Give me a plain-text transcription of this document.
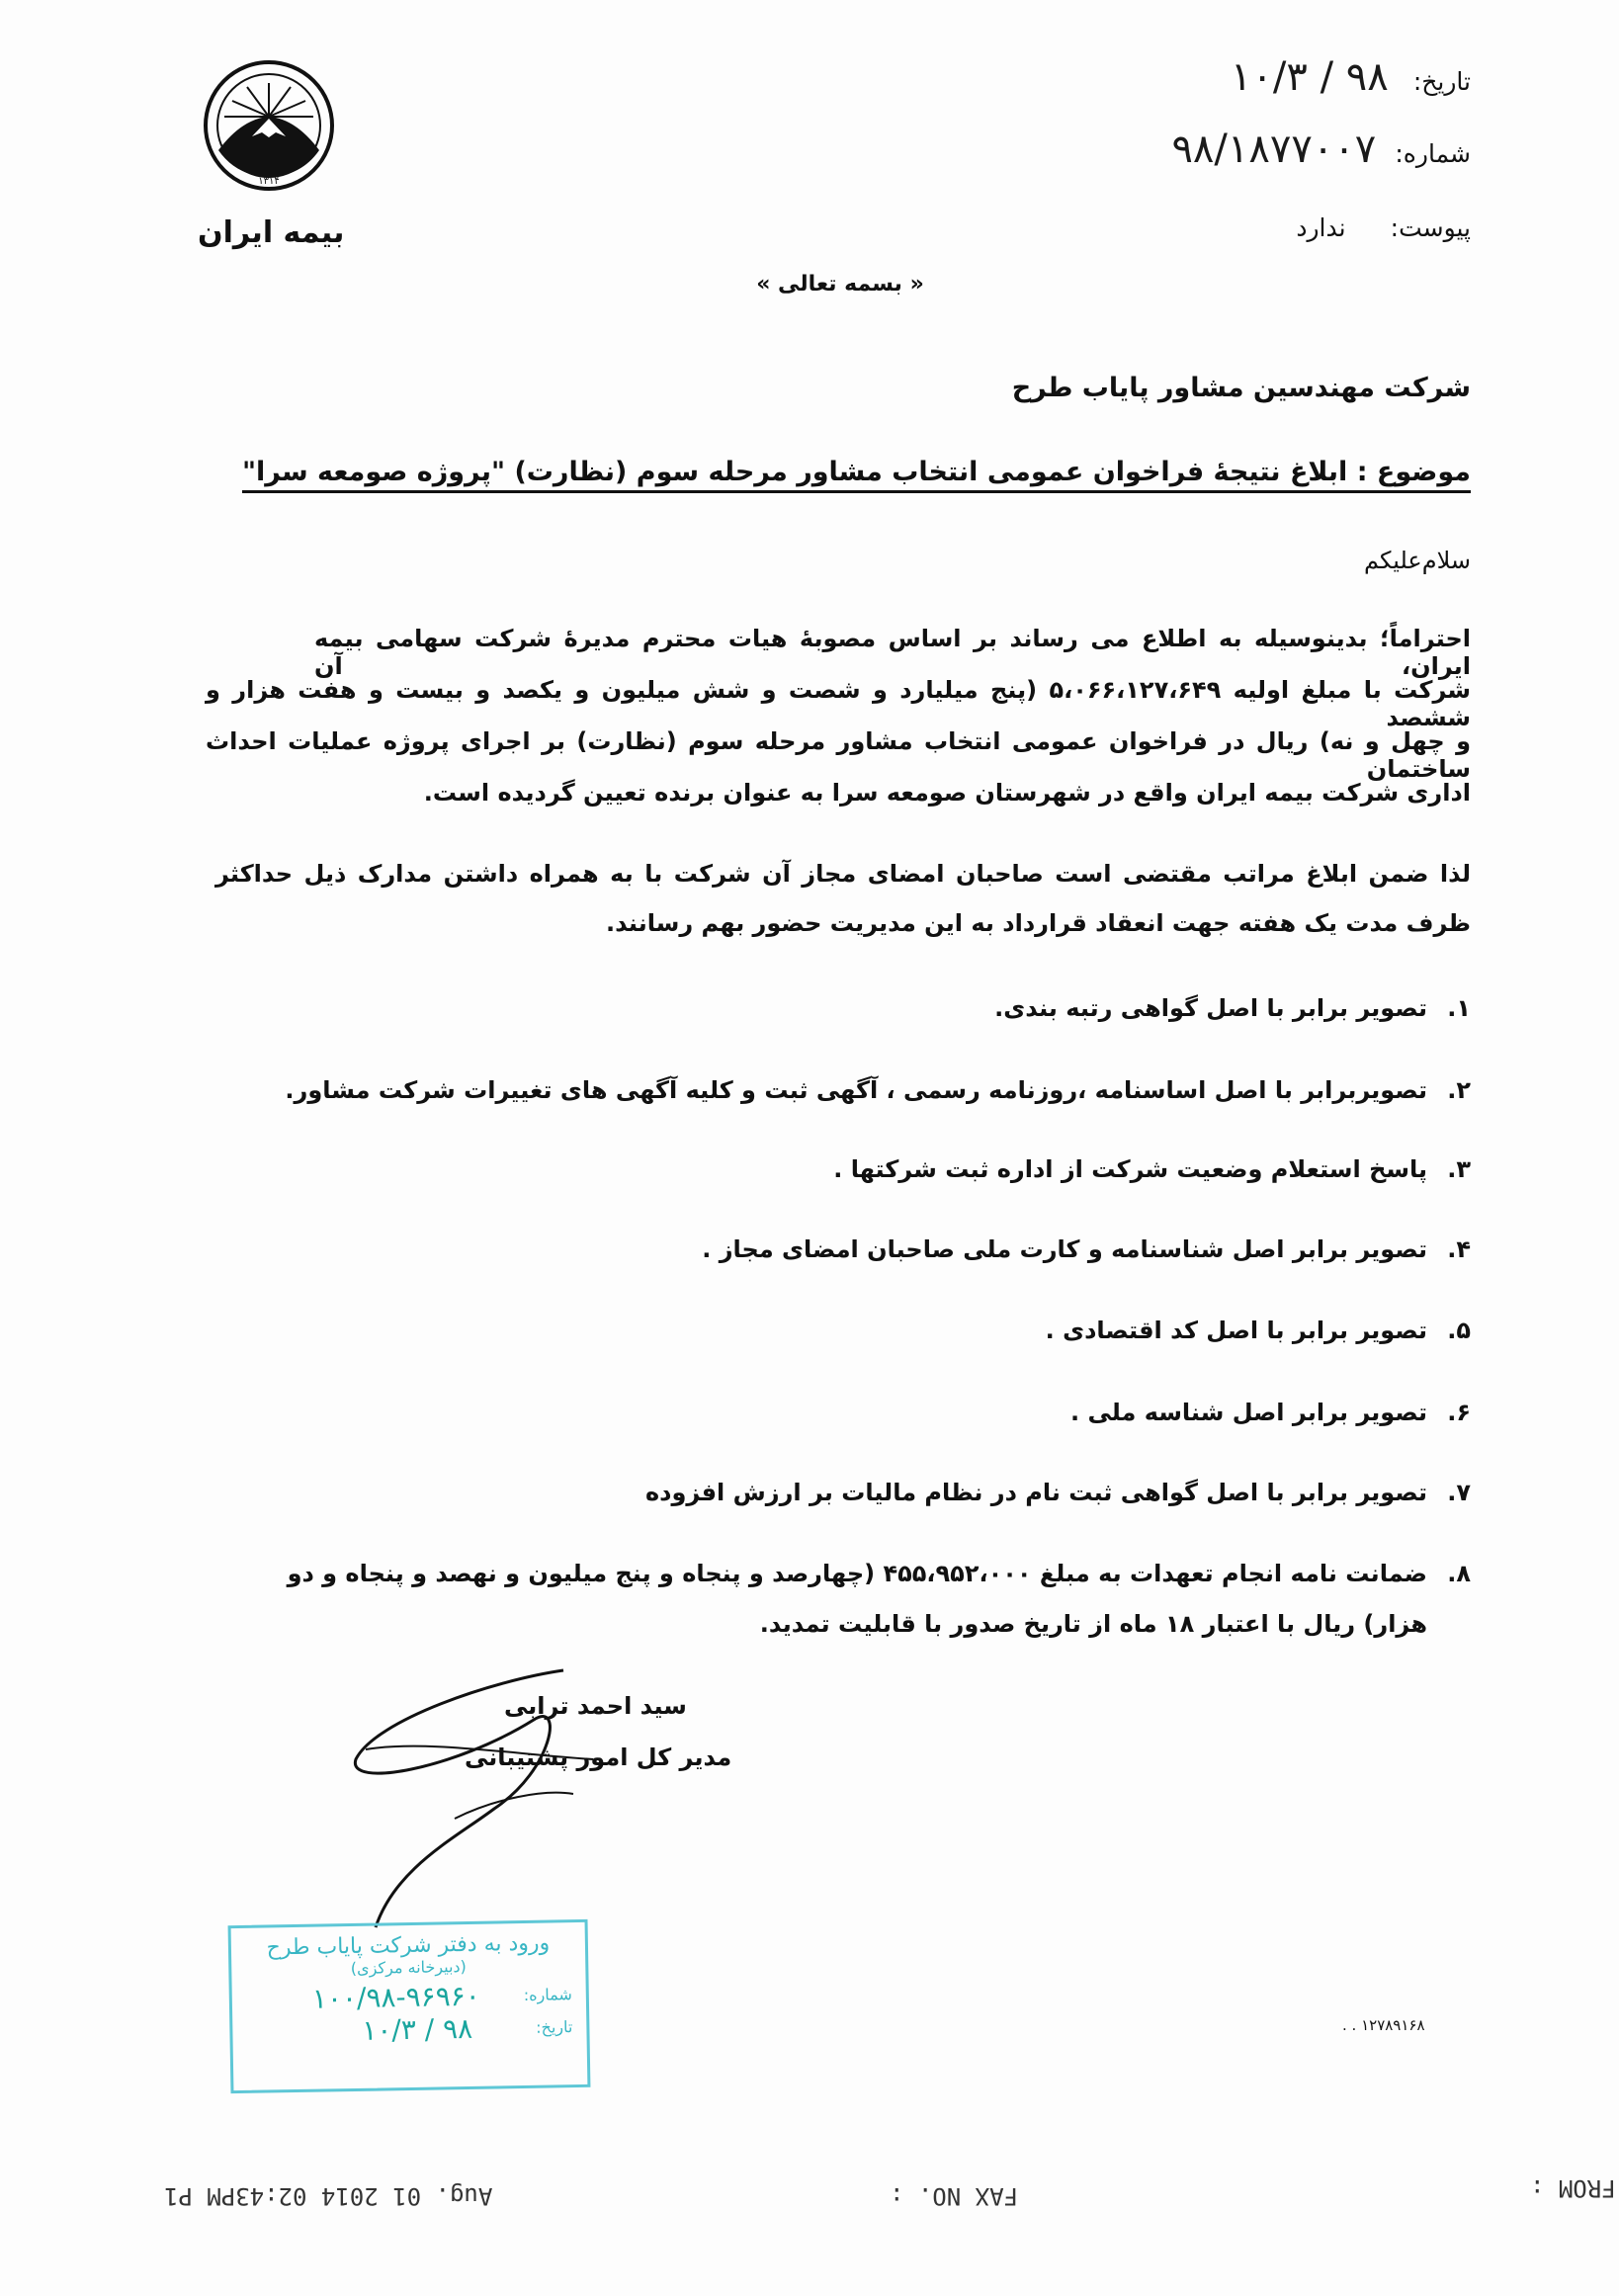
تاریخ: ۹۸ / ۱۰/۳
شماره: ۹۸/۱۸۷۷۰۰۷
پیوست: ندارد
۱۳۱۴
بیمه ایران
« بسمه تعالی »
شرکت مهندسین مشاور پایاب طرح
موضوع : ابلاغ نتیجهٔ فراخوان عمومی انتخاب مشاور مرحله سوم (نظارت) "پروژه صومعه سرا"
سلام‌علیکم
احتراماً؛ بدینوسیله به اطلاع می رساند بر اساس مصوبهٔ هیات محترم مدیرهٔ شرکت سهامی بیمه ایران، آن
شرکت با مبلغ اولیه ۵،۰۶۶،۱۲۷،۶۴۹ (پنج میلیارد و شصت و شش میلیون و یکصد و بیست و هفت هزار و ششصد
و چهل و نه) ریال در فراخوان عمومی انتخاب مشاور مرحله سوم (نظارت) بر اجرای پروژه عملیات احداث ساختمان
اداری شرکت بیمه ایران واقع در شهرستان صومعه سرا به عنوان برنده تعیین گردیده است.
لذا ضمن ابلاغ مراتب مقتضی است صاحبان امضای مجاز آن شرکت با به همراه داشتن مدارک ذیل حداکثر
ظرف مدت یک هفته جهت انعقاد قرارداد به این مدیریت حضور بهم رسانند.
۱.تصویر برابر با اصل گواهی رتبه بندی.
۲.تصویربرابر با اصل اساسنامه ،روزنامه رسمی ، آگهی ثبت و کلیه آگهی های تغییرات شرکت مشاور.
۳.پاسخ استعلام وضعیت شرکت از اداره ثبت شرکتها .
۴.تصویر برابر اصل شناسنامه و کارت ملی صاحبان امضای مجاز .
۵.تصویر برابر با اصل کد اقتصادی .
۶.تصویر برابر اصل شناسه ملی .
۷.تصویر برابر با اصل گواهی ثبت نام در نظام مالیات بر ارزش افزوده
۸.ضمانت نامه انجام تعهدات به مبلغ ۴۵۵،۹۵۲،۰۰۰ (چهارصد و پنجاه و پنج میلیون و نهصد و پنجاه و دو
هزار) ریال با اعتبار ۱۸ ماه از تاریخ صدور با قابلیت تمدید.
سید احمد ترابی
مدیر کل امور پشتیبانی
ورود به دفتر شرکت پایاب طرح
(دبیرخانه مرکزی)
شماره:
۱۰۰/۹۸-۹۶۹۶۰
تاریخ:
۹۸ / ۱۰/۳	۱۲۷۸۹۱۶۸ . .
Aug. 01 2014 02:43PM P1	FAX NO. :	FROM :
